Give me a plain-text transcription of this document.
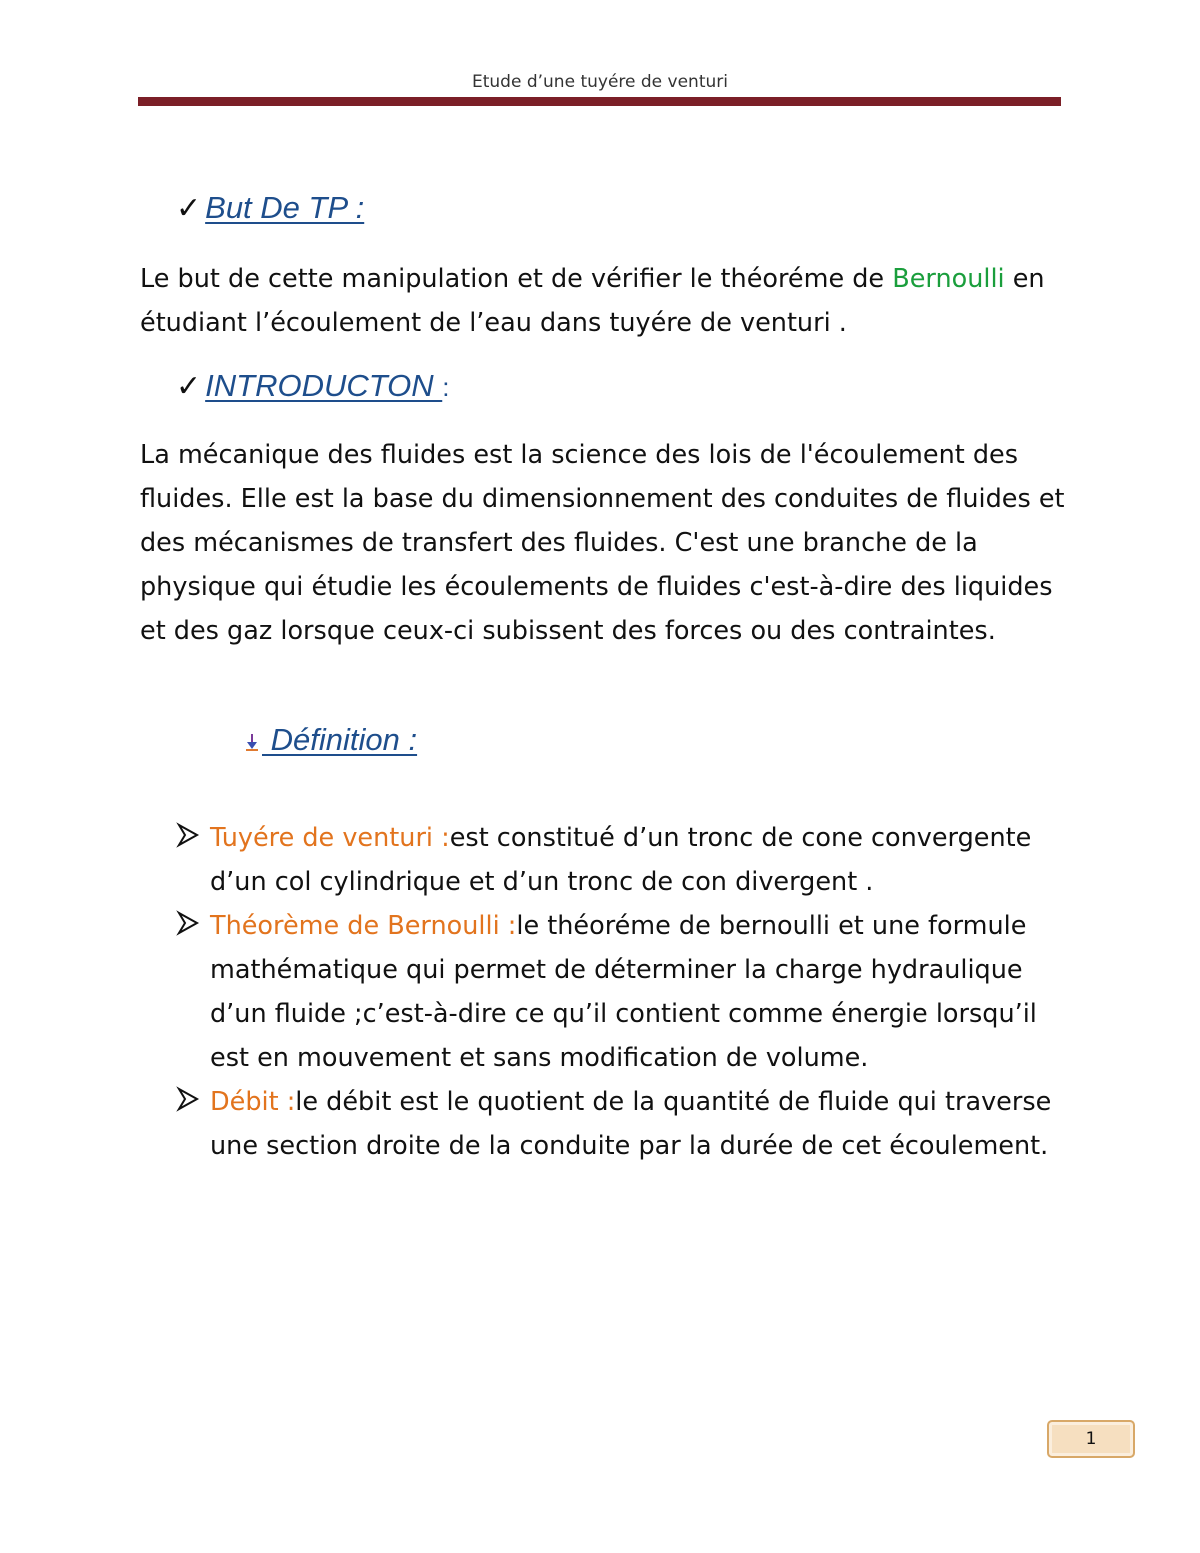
Etude d’une tuyére de venturi
✓ But De TP :
Le but de cette manipulation et de vérifier le théoréme de Bernoulli en
étudiant l’écoulement de l’eau dans tuyére de venturi .
✓ INTRODUCTON :
La mécanique des fluides est la science des lois de l'écoulement des
fluides. Elle est la base du dimensionnement des conduites de fluides et
des mécanismes de transfert des fluides. C'est une branche de la
physique qui étudie les écoulements de fluides c'est-à-dire des liquides
et des gaz lorsque ceux-ci subissent des forces ou des contraintes.
Définition :
Tuyére de venturi :est constitué d’un tronc de cone convergente d’un col cylindrique et d’un tronc de con divergent .
Théorème de Bernoulli :le théoréme de bernoulli et une formule mathématique qui permet de déterminer la charge hydraulique d’un fluide ;c’est-à-dire ce qu’il contient comme énergie lorsqu’il est en mouvement et sans modification de volume.
Débit :le débit est le quotient de la quantité de fluide qui traverse une section droite de la conduite par la durée de cet écoulement.
1
